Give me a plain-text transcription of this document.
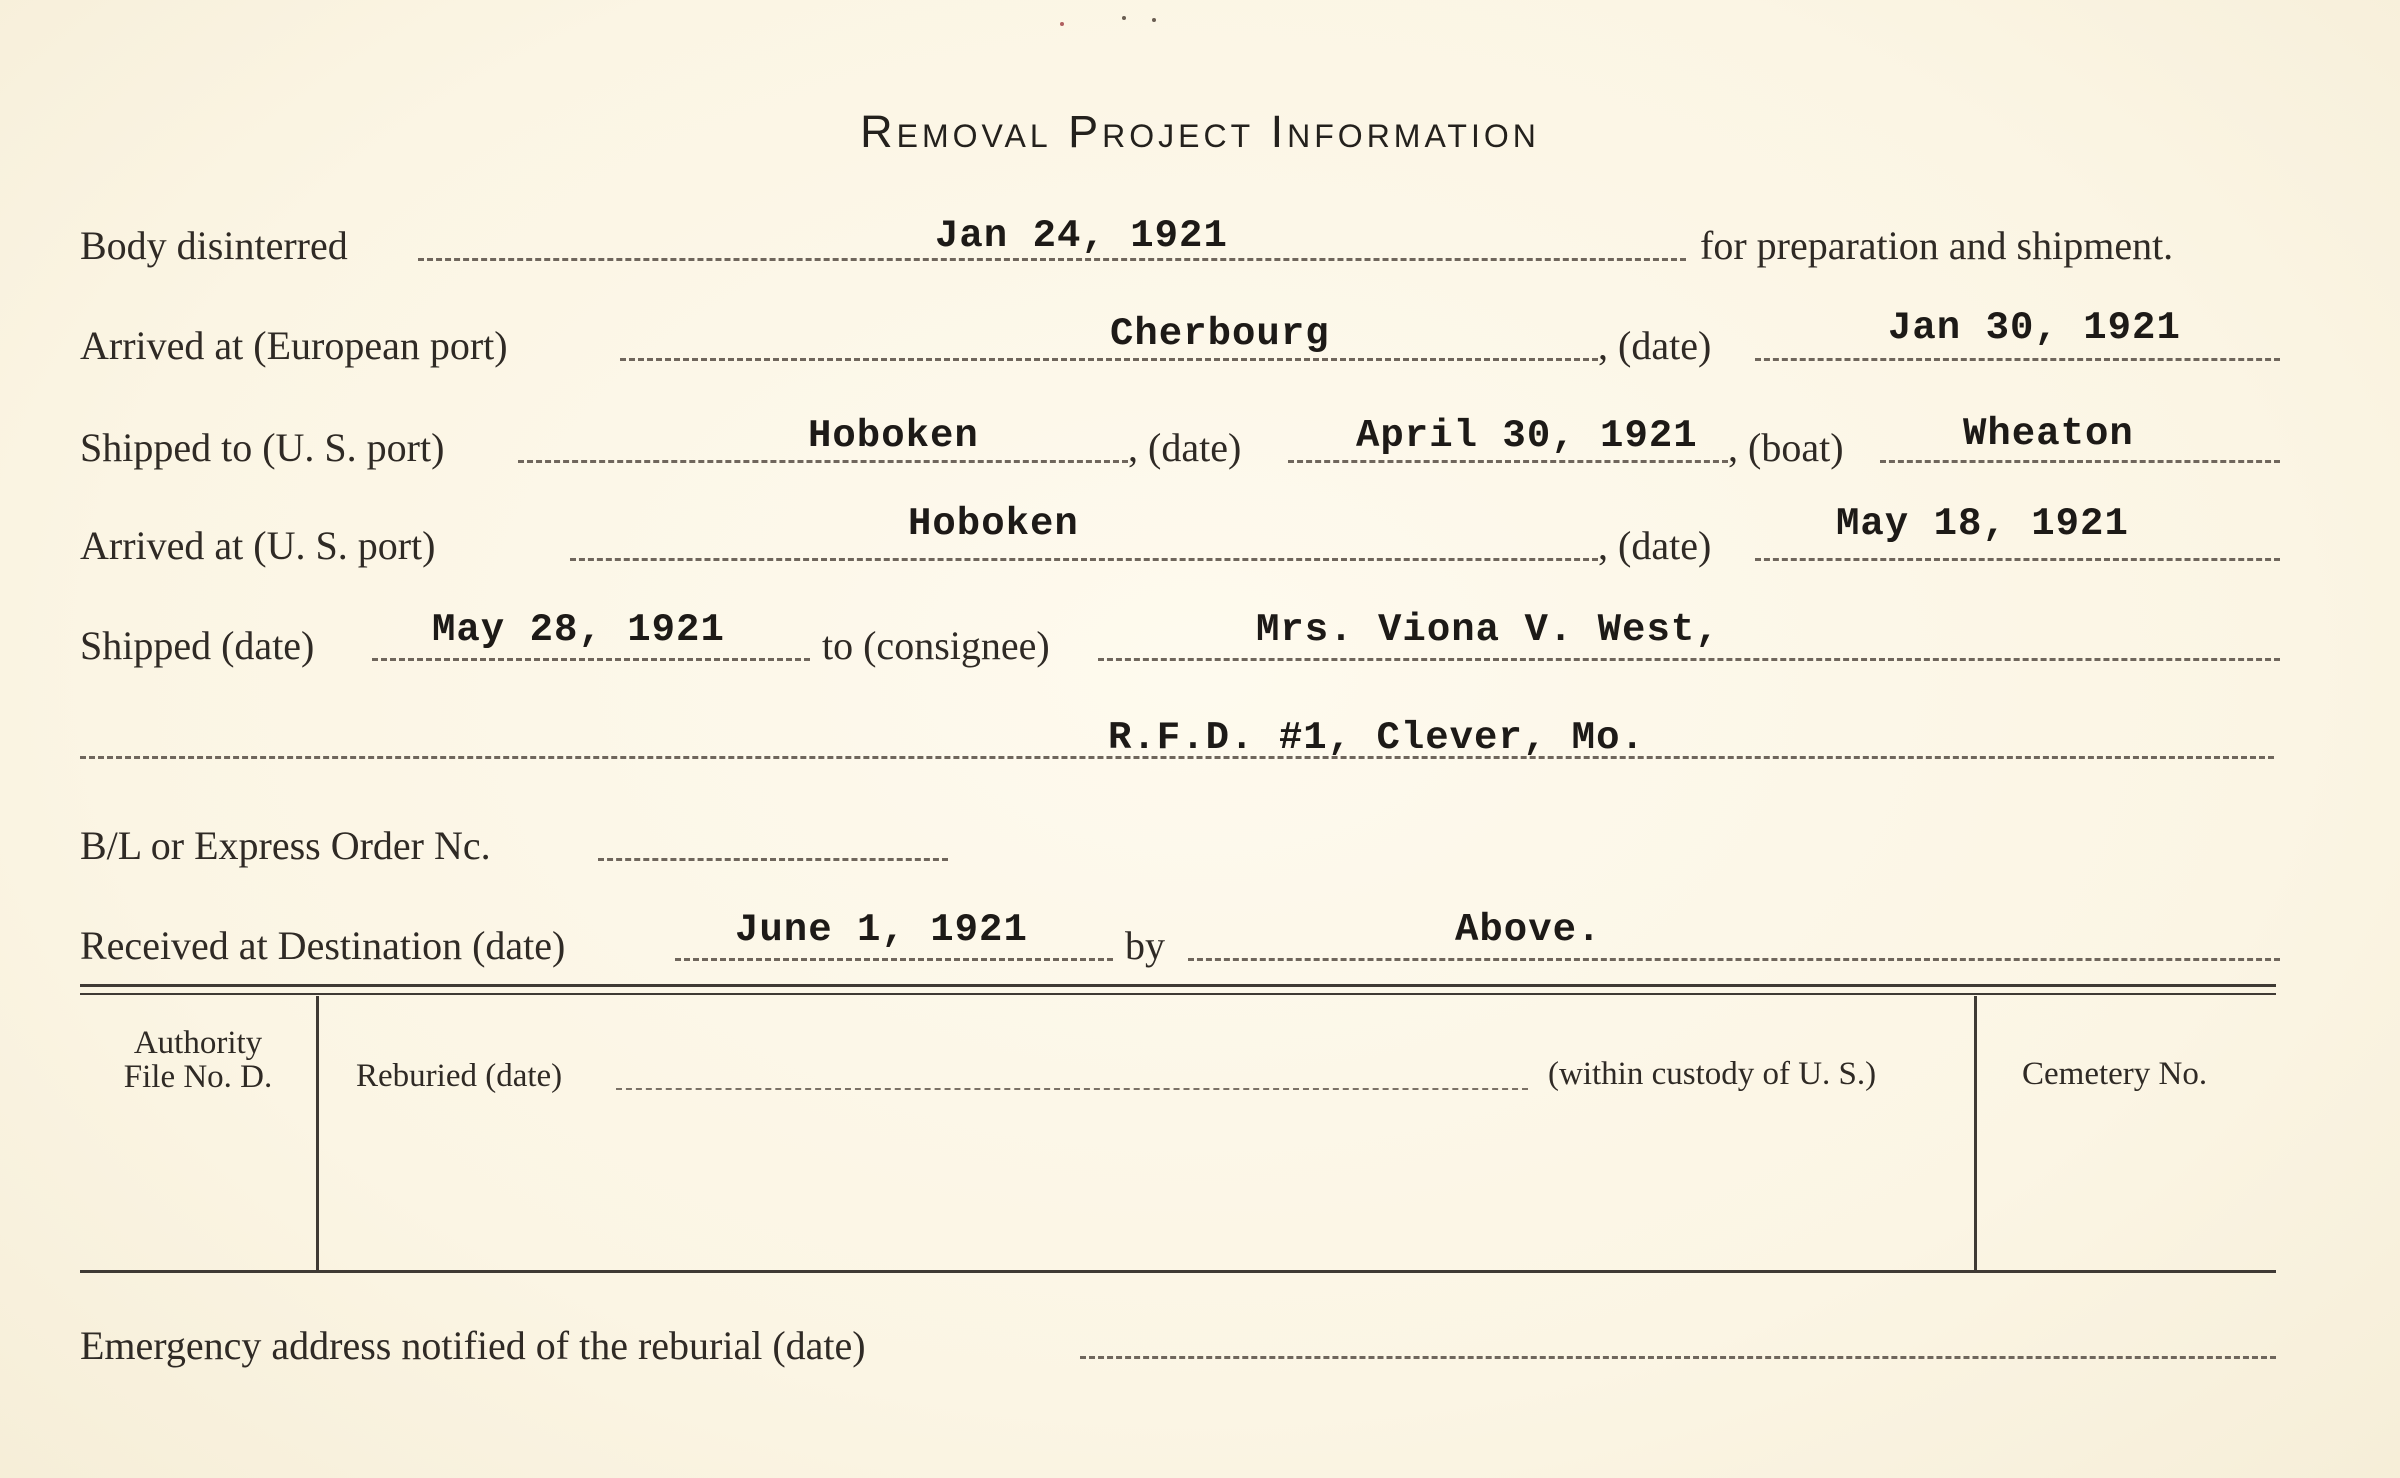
Removal Project Information
Body disinterred	Jan 24, 1921	for preparation and shipment.
Arrived at (European port)	Cherbourg	, (date)	Jan 30, 1921
Shipped to (U. S. port)	Hoboken	, (date)	April 30, 1921 , (boat)	Wheaton
Arrived at (U. S. port)	Hoboken	, (date)	May 18, 1921
Shipped (date)	May 28, 1921 to (consignee)	Mrs. Viona V. West,
R.F.D. #1, Clever, Mo.
B/L or Express Order Nc.
Received at Destination (date)	June 1, 1921 by	Above.
Authority
File No. D.	Reburied (date)	(within custody of U. S.)	Cemetery No.
Emergency address notified of the reburial (date)
